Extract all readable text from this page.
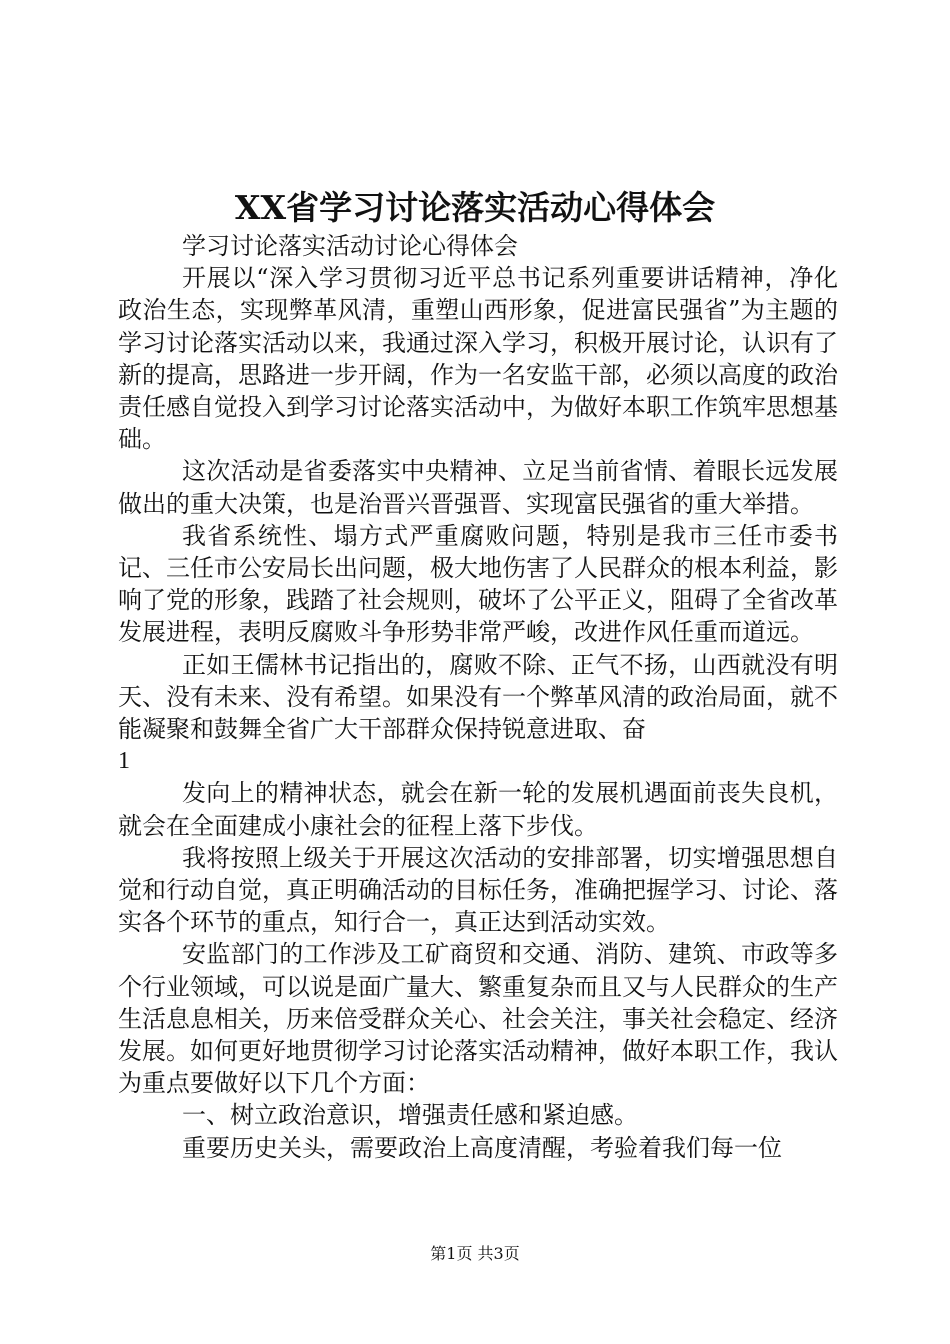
XX省学习讨论落实活动心得体会

学习讨论落实活动讨论心得体会

开展以“深入学习贯彻习近平总书记系列重要讲话精神，净化政治生态，实现弊革风清，重塑山西形象，促进富民强省”为主题的学习讨论落实活动以来，我通过深入学习，积极开展讨论，认识有了新的提高，思路进一步开阔，作为一名安监干部，必须以高度的政治责任感自觉投入到学习讨论落实活动中，为做好本职工作筑牢思想基础。

这次活动是省委落实中央精神、立足当前省情、着眼长远发展做出的重大决策，也是治晋兴晋强晋、实现富民强省的重大举措。

我省系统性、塌方式严重腐败问题，特别是我市三任市委书记、三任市公安局长出问题，极大地伤害了人民群众的根本利益，影响了党的形象，践踏了社会规则，破坏了公平正义，阻碍了全省改革发展进程，表明反腐败斗争形势非常严峻，改进作风任重而道远。

正如王儒林书记指出的，腐败不除、正气不扬，山西就没有明天、没有未来、没有希望。如果没有一个弊革风清的政治局面，就不能凝聚和鼓舞全省广大干部群众保持锐意进取、奋

1

发向上的精神状态，就会在新一轮的发展机遇面前丧失良机，就会在全面建成小康社会的征程上落下步伐。

我将按照上级关于开展这次活动的安排部署，切实增强思想自觉和行动自觉，真正明确活动的目标任务，准确把握学习、讨论、落实各个环节的重点，知行合一，真正达到活动实效。

安监部门的工作涉及工矿商贸和交通、消防、建筑、市政等多个行业领域，可以说是面广量大、繁重复杂而且又与人民群众的生产生活息息相关，历来倍受群众关心、社会关注，事关社会稳定、经济发展。如何更好地贯彻学习讨论落实活动精神，做好本职工作，我认为重点要做好以下几个方面：

一、树立政治意识，增强责任感和紧迫感。

重要历史关头，需要政治上高度清醒，考验着我们每一位

第1页 共3页
